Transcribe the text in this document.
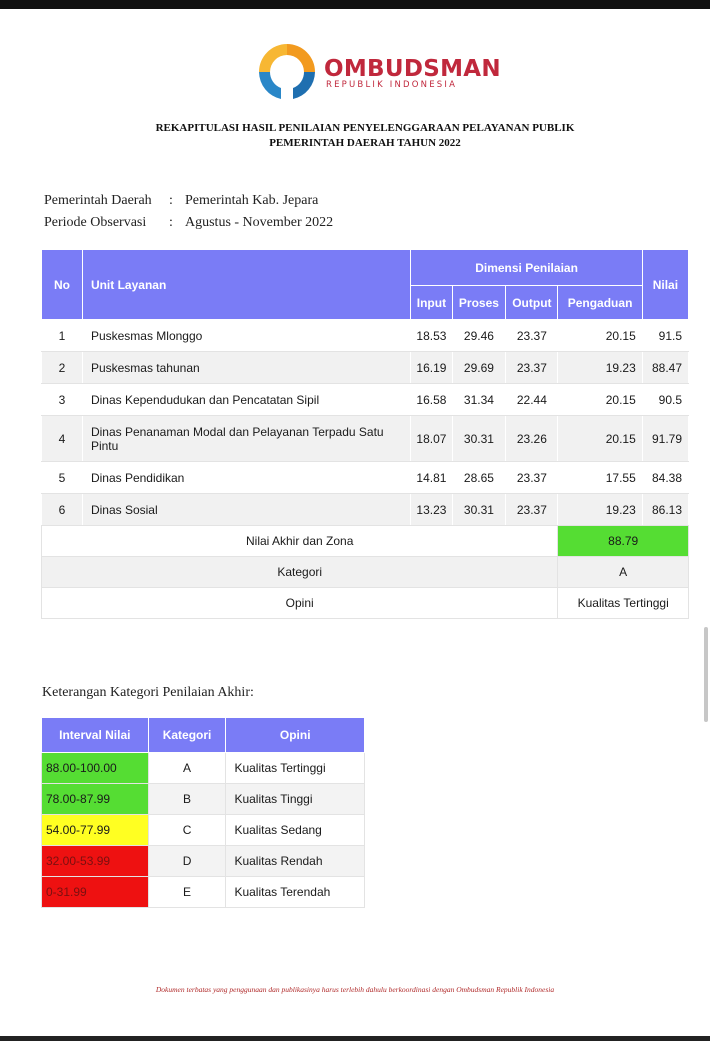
OMBUDSMAN
REPUBLIK INDONESIA
REKAPITULASI HASIL PENILAIAN PENYELENGGARAAN PELAYANAN PUBLIK
PEMERINTAH DAERAH TAHUN 2022
Pemerintah Daerah	: Pemerintah Kab. Jepara
Periode Observasi	: Agustus - November 2022
No	Unit Layanan	Dimensi Penilaian				Nilai
		Input	Proses	Output	Pengaduan	
1	Puskesmas Mlonggo	18.53	29.46	23.37	20.15	91.5
2	Puskesmas tahunan	16.19	29.69	23.37	19.23	88.47
3	Dinas Kependudukan dan Pencatatan Sipil	16.58	31.34	22.44	20.15	90.5
4	Dinas Penanaman Modal dan Pelayanan Terpadu Satu Pintu	18.07	30.31	23.26	20.15	91.79
5	Dinas Pendidikan	14.81	28.65	23.37	17.55	84.38
6	Dinas Sosial	13.23	30.31	23.37	19.23	86.13
Nilai Akhir dan Zona					88.79	
Kategori					A	
Opini					Kualitas Tertinggi	
Keterangan Kategori Penilaian Akhir:
Interval Nilai	Kategori	Opini
88.00-100.00	A	Kualitas Tertinggi
78.00-87.99	B	Kualitas Tinggi
54.00-77.99	C	Kualitas Sedang
32.00-53.99	D	Kualitas Rendah
0-31.99	E	Kualitas Terendah
Dokumen terbatas yang penggunaan dan publikasinya harus terlebih dahulu berkoordinasi dengan Ombudsman Republik Indonesia
